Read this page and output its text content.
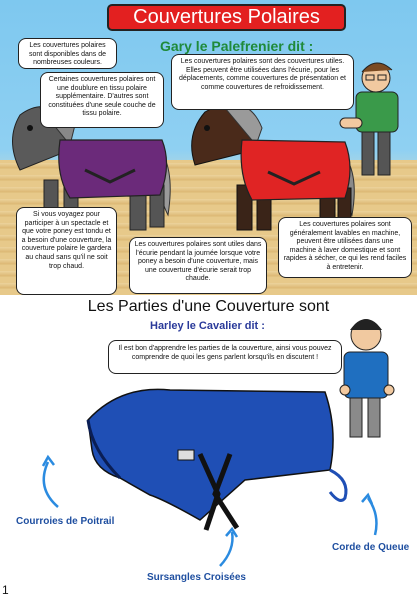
Couvertures Polaires
Gary le Palefrenier dit :
Les couvertures polaires sont disponibles dans de nombreuses couleurs.
Certaines couvertures polaires ont une doublure en tissu polaire supplémentaire. D'autres sont constituées d'une seule couche de tissu polaire.
Les couvertures polaires sont des couvertures utiles. Elles peuvent être utilisées dans l'écurie, pour les déplacements, comme couvertures de présentation et comme couvertures de refroidissement.
Si vous voyagez pour participer à un spectacle et que votre poney est tondu et a besoin d'une couverture, la couverture polaire le gardera au chaud sans qu'il ne soit trop chaud.
Les couvertures polaires sont utiles dans l'écurie pendant la journée lorsque votre poney a besoin d'une couverture, mais une couverture d'écurie serait trop chaude.
Les couvertures polaires sont généralement lavables en machine, peuvent être utilisées dans une machine à laver domestique et sont rapides à sécher, ce qui les rend faciles à entretenir.
Les Parties d'une Couverture sont
Harley le Cavalier dit :
Il est bon d'apprendre les parties de la couverture, ainsi vous pouvez comprendre de quoi les gens parlent lorsqu'ils en discutent !
Courroies de Poitrail
Corde de Queue
Sursangles Croisées
1
